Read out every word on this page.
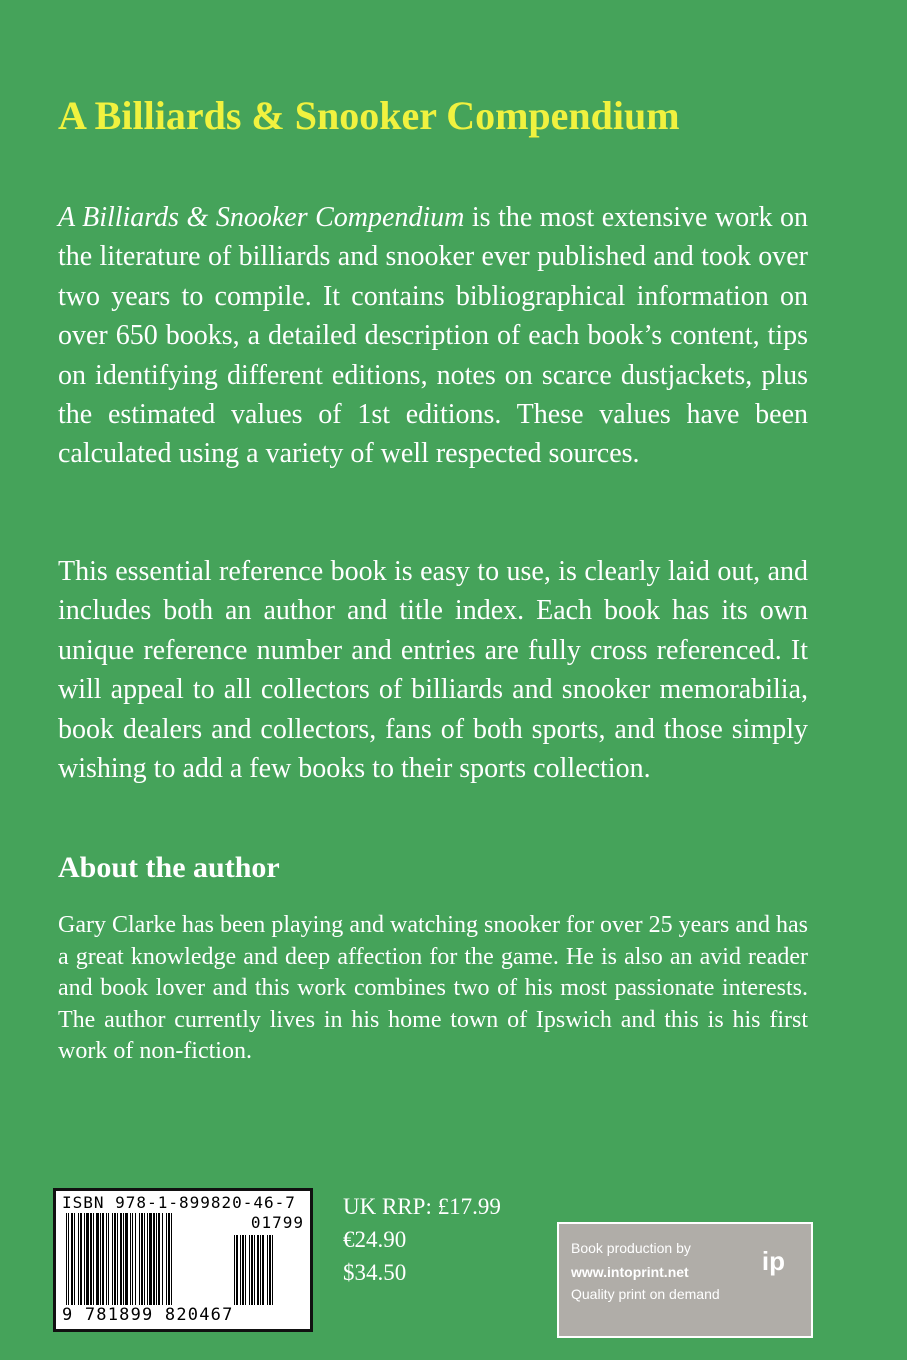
A Billiards & Snooker Compendium

A Billiards & Snooker Compendium is the most extensive work on the literature of billiards and snooker ever published and took over two years to compile. It contains bibliographical information on over 650 books, a detailed description of each book’s content, tips on identifying different editions, notes on scarce dustjackets, plus the estimated values of 1st editions. These values have been calculated using a variety of well respected sources.

This essential reference book is easy to use, is clearly laid out, and includes both an author and title index. Each book has its own unique reference number and entries are fully cross referenced. It will appeal to all collectors of billiards and snooker memorabilia, book dealers and collectors, fans of both sports, and those simply wishing to add a few books to their sports collection.

About the author

Gary Clarke has been playing and watching snooker for over 25 years and has a great knowledge and deep affection for the game. He is also an avid reader and book lover and this work combines two of his most passionate interests. The author currently lives in his home town of Ipswich and this is his first work of non-fiction.

ISBN 978-1-899820-46-7
01799
9 781899 820467
UK RRP: £17.99
€24.90
$34.50
Book production by
www.intoprint.net
Quality print on demand
ip
